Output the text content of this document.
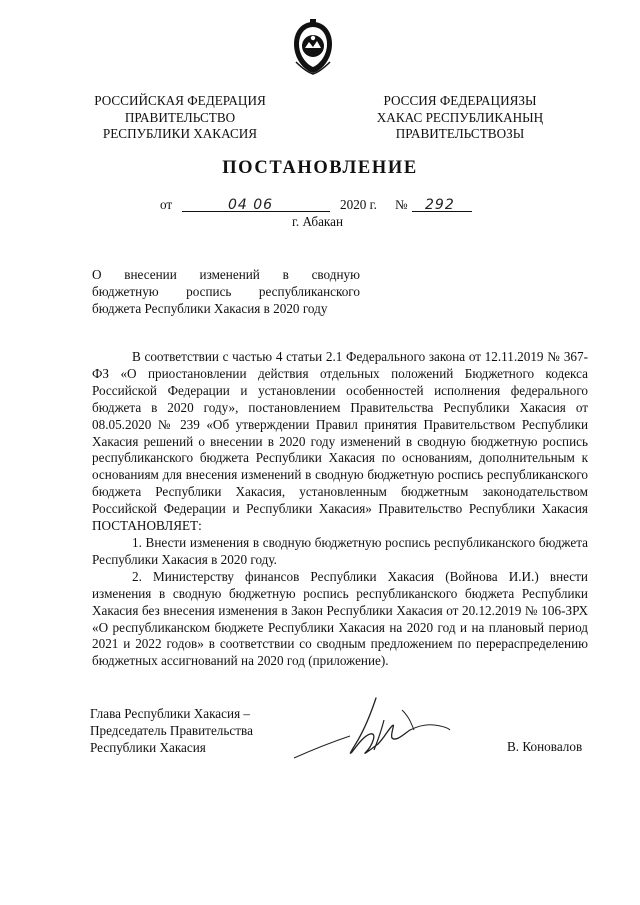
РОССИЙСКАЯ ФЕДЕРАЦИЯ
ПРАВИТЕЛЬСТВО
РЕСПУБЛИКИ ХАКАСИЯ
РОССИЯ ФЕДЕРАЦИЯЗЫ
ХАКАС РЕСПУБЛИКАНЫҢ
ПРАВИТЕЛЬСТВОЗЫ
ПОСТАНОВЛЕНИЕ
от	04 06	2020 г. № 292
г. Абакан
О внесении изменений в сводную
бюджетную роспись республиканского
бюджета Республики Хакасия в 2020 году

В соответствии с частью 4 статьи 2.1 Федерального закона от 12.11.2019 № 367-ФЗ «О приостановлении действия отдельных положений Бюджетного кодекса Российской Федерации и установлении особенностей исполнения федерального бюджета в 2020 году», постановлением Правительства Республики Хакасия от 08.05.2020 № 239 «Об утверждении Правил принятия Правительством Республики Хакасия решений о внесении в 2020 году изменений в сводную бюджетную роспись республиканского бюджета Республики Хакасия по основаниям, дополнительным к основаниям для внесения изменений в сводную бюджетную роспись республиканского бюджета Республики Хакасия, установленным бюджетным законодательством Российской Федерации и Республики Хакасия» Правительство Республики Хакасия ПОСТАНОВЛЯЕТ:

1. Внести изменения в сводную бюджетную роспись республиканского бюджета Республики Хакасия в 2020 году.

2. Министерству финансов Республики Хакасия (Войнова И.И.) внести изменения в сводную бюджетную роспись республиканского бюджета Республики Хакасия без внесения изменения в Закон Республики Хакасия от 20.12.2019 № 106-ЗРХ «О республиканском бюджете Республики Хакасия на 2020 год и на плановый период 2021 и 2022 годов» в соответствии со сводным предложением по перераспределению бюджетных ассигнований на 2020 год (приложение).

Глава Республики Хакасия –
Председатель Правительства
Республики Хакасия	В. Коновалов
